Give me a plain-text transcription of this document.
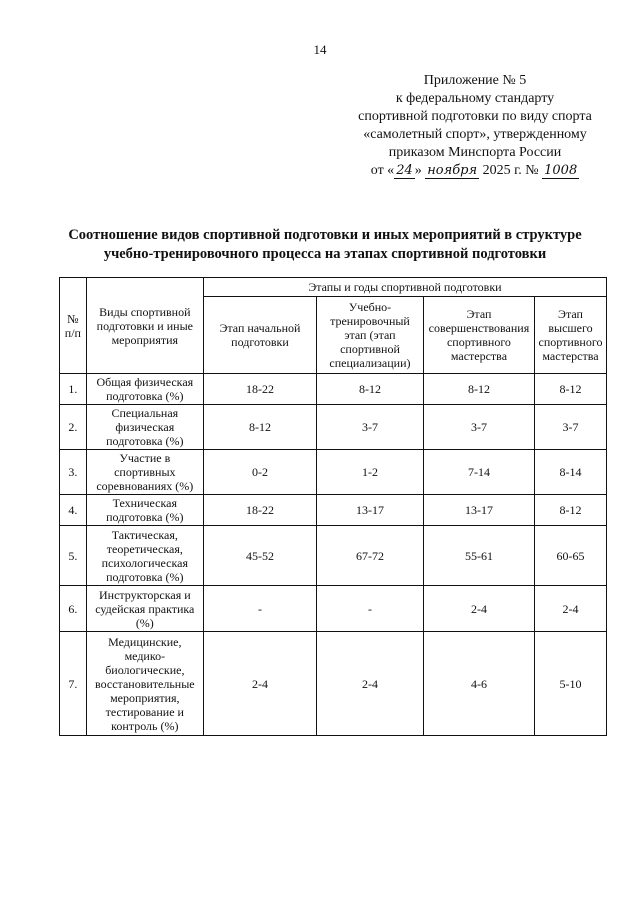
14
Приложение № 5
к федеральному стандарту
спортивной подготовки по виду спорта
«самолетный спорт», утвержденному
приказом Минспорта России
от « 24 » ноября 2025 г. № 1008
Соотношение видов спортивной подготовки и иных мероприятий в структуре
учебно-тренировочного процесса на этапах спортивной подготовки
№ п/п	Виды спортивной подготовки и иные мероприятия	Этапы и годы спортивной подготовки			
		Этап начальной подготовки	Учебно-тренировочный этап (этап спортивной специализации)	Этап совершенствования спортивного мастерства	Этап высшего спортивного мастерства
1.	Общая физическая подготовка (%)	18-22	8-12	8-12	8-12
2.	Специальная физическая подготовка (%)	8-12	3-7	3-7	3-7
3.	Участие в спортивных соревнованиях (%)	0-2	1-2	7-14	8-14
4.	Техническая подготовка (%)	18-22	13-17	13-17	8-12
5.	Тактическая, теоретическая, психологическая подготовка (%)	45-52	67-72	55-61	60-65
6.	Инструкторская и судейская практика (%)	-	-	2-4	2-4
7.	Медицинские, медико-биологические, восстановительные мероприятия, тестирование и контроль (%)	2-4	2-4	4-6	5-10
